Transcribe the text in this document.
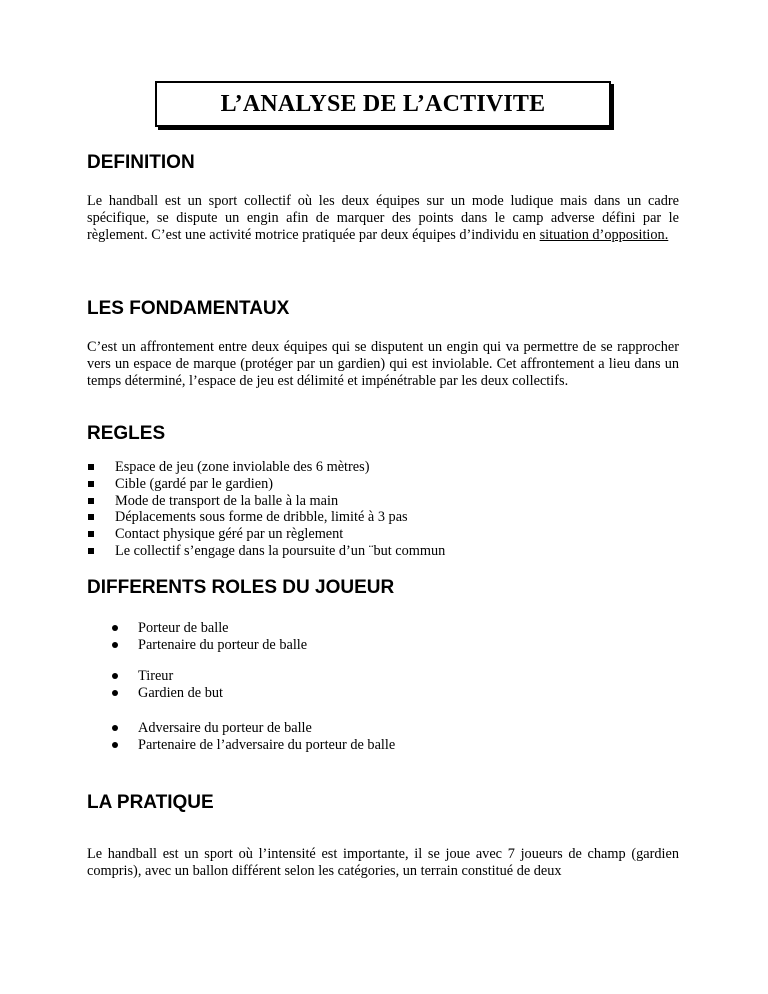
L’ANALYSE DE L’ACTIVITE
DEFINITION

Le handball est un sport collectif où les deux équipes sur un mode ludique mais dans un cadre spécifique, se dispute un engin afin de marquer des points dans le camp adverse défini par le règlement. C’est une activité motrice pratiquée par deux équipes d’individu en situation d’opposition.

LES FONDAMENTAUX

C’est un affrontement entre deux équipes qui se disputent un engin qui va permettre de se rapprocher vers un espace de marque (protéger par un gardien) qui est inviolable. Cet affrontement a lieu dans un temps déterminé, l’espace de jeu est délimité et impénétrable par les deux collectifs.

REGLES
Espace de jeu (zone inviolable des 6 mètres)
Cible (gardé par le gardien)
Mode de transport de la balle à la main
Déplacements sous forme de dribble, limité à 3 pas
Contact physique géré par un règlement
Le collectif s’engage dans la poursuite d’un ¨but commun
DIFFERENTS ROLES DU JOUEUR
Porteur de balle
Partenaire du porteur de balle
Tireur
Gardien de but
Adversaire du porteur de balle
Partenaire de l’adversaire du porteur de balle
LA PRATIQUE

Le handball est un sport où l’intensité est importante, il se joue avec 7 joueurs de champ (gardien compris), avec un ballon différent selon les catégories, un terrain constitué de deux
